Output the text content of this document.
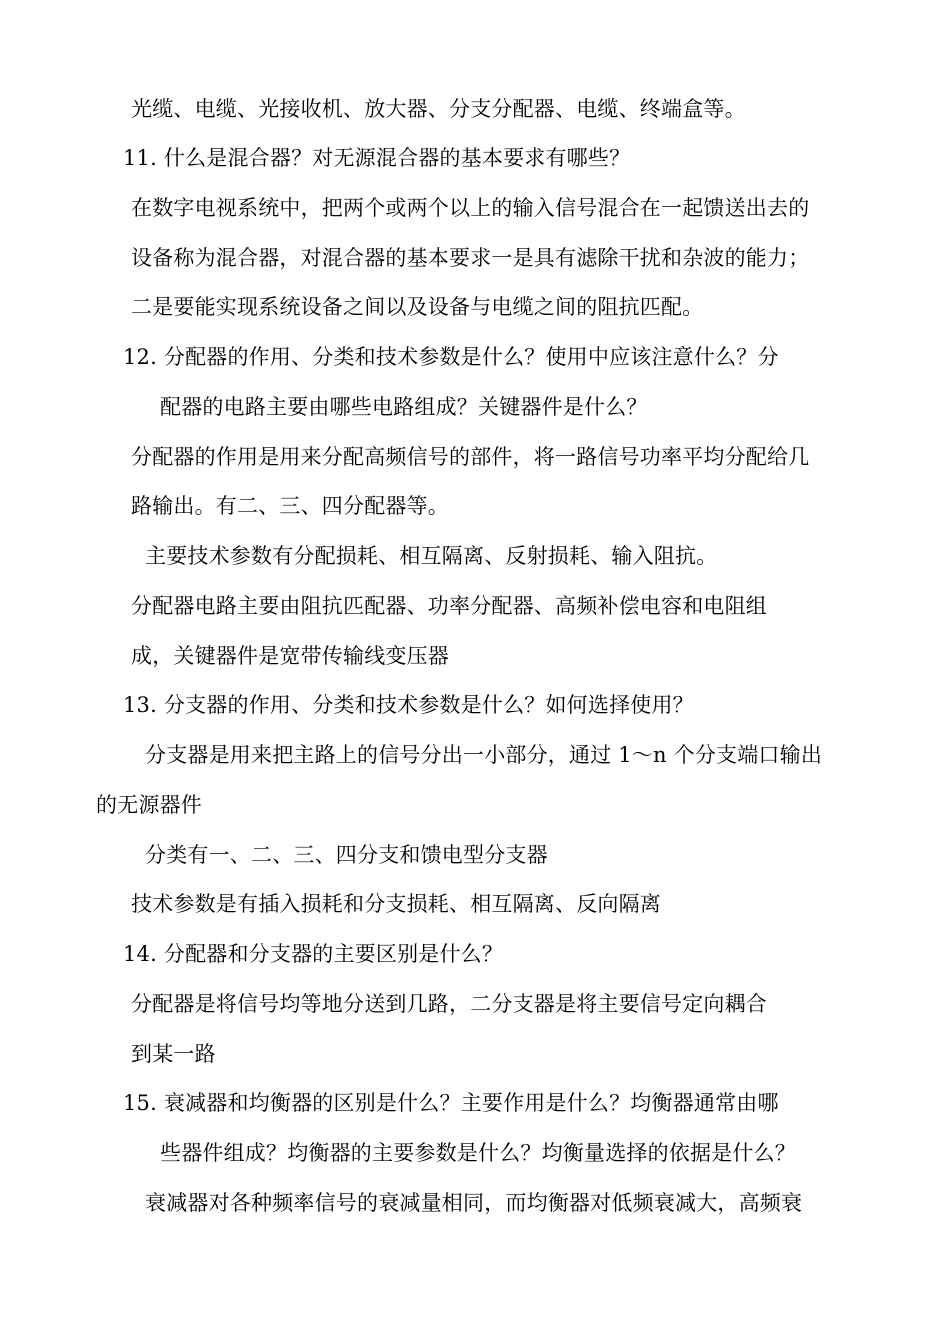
光缆、电缆、光接收机、放大器、分支分配器、电缆、终端盒等。
11. 什么是混合器？对无源混合器的基本要求有哪些？
在数字电视系统中，把两个或两个以上的输入信号混合在一起馈送出去的
设备称为混合器，对混合器的基本要求一是具有滤除干扰和杂波的能力；
二是要能实现系统设备之间以及设备与电缆之间的阻抗匹配。
12. 分配器的作用、分类和技术参数是什么？使用中应该注意什么？分
配器的电路主要由哪些电路组成？关键器件是什么？
分配器的作用是用来分配高频信号的部件，将一路信号功率平均分配给几
路输出。有二、三、四分配器等。
主要技术参数有分配损耗、相互隔离、反射损耗、输入阻抗。
分配器电路主要由阻抗匹配器、功率分配器、高频补偿电容和电阻组
成，关键器件是宽带传输线变压器
13. 分支器的作用、分类和技术参数是什么？如何选择使用？
分支器是用来把主路上的信号分出一小部分，通过 1～n 个分支端口输出
的无源器件
分类有一、二、三、四分支和馈电型分支器
技术参数是有插入损耗和分支损耗、相互隔离、反向隔离
14. 分配器和分支器的主要区别是什么？
分配器是将信号均等地分送到几路，二分支器是将主要信号定向耦合
到某一路
15. 衰减器和均衡器的区别是什么？主要作用是什么？均衡器通常由哪
些器件组成？均衡器的主要参数是什么？均衡量选择的依据是什么？
衰减器对各种频率信号的衰减量相同，而均衡器对低频衰减大，高频衰
